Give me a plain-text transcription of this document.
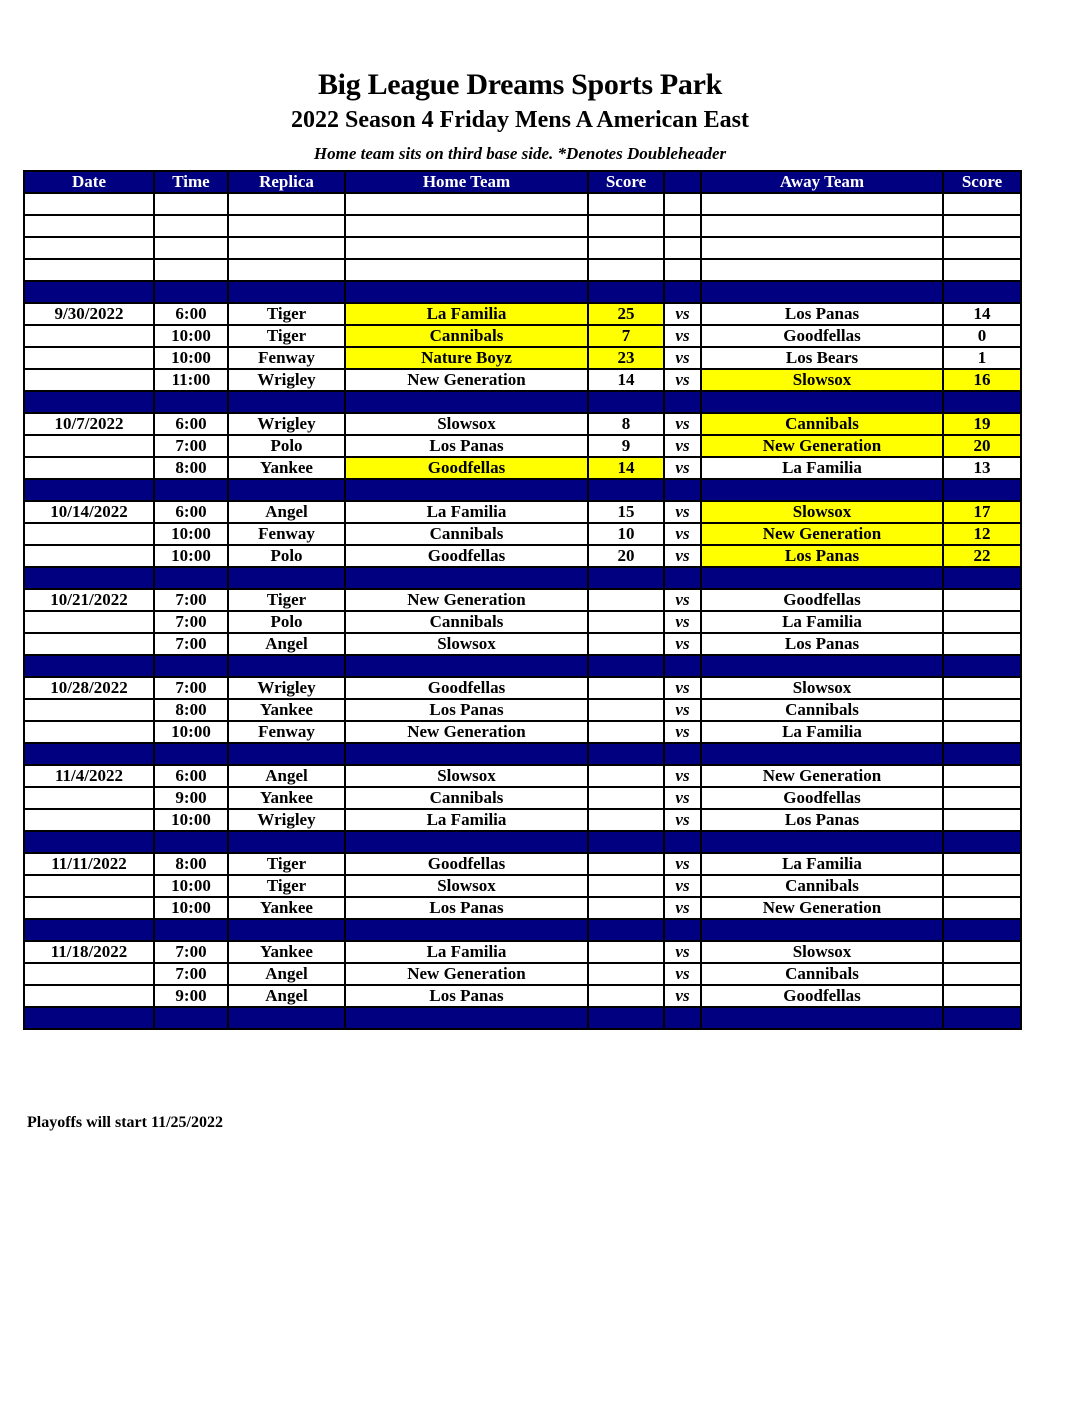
Big League Dreams Sports Park
2022 Season 4 Friday Mens A American East
Home team sits on third base side. *Denotes Doubleheader
Date	Time	Replica	Home Team	Score		Away Team	Score

9/30/2022	6:00	Tiger	La Familia	25	vs	Los Panas	14
	10:00	Tiger	Cannibals	7	vs	Goodfellas	0
	10:00	Fenway	Nature Boyz	23	vs	Los Bears	1
	11:00	Wrigley	New Generation	14	vs	Slowsox	16

10/7/2022	6:00	Wrigley	Slowsox	8	vs	Cannibals	19
	7:00	Polo	Los Panas	9	vs	New Generation	20
	8:00	Yankee	Goodfellas	14	vs	La Familia	13

10/14/2022	6:00	Angel	La Familia	15	vs	Slowsox	17
	10:00	Fenway	Cannibals	10	vs	New Generation	12
	10:00	Polo	Goodfellas	20	vs	Los Panas	22

10/21/2022	7:00	Tiger	New Generation		vs	Goodfellas	
	7:00	Polo	Cannibals		vs	La Familia	
	7:00	Angel	Slowsox		vs	Los Panas	

10/28/2022	7:00	Wrigley	Goodfellas		vs	Slowsox	
	8:00	Yankee	Los Panas		vs	Cannibals	
	10:00	Fenway	New Generation		vs	La Familia	

11/4/2022	6:00	Angel	Slowsox		vs	New Generation	
	9:00	Yankee	Cannibals		vs	Goodfellas	
	10:00	Wrigley	La Familia		vs	Los Panas	

11/11/2022	8:00	Tiger	Goodfellas		vs	La Familia	
	10:00	Tiger	Slowsox		vs	Cannibals	
	10:00	Yankee	Los Panas		vs	New Generation	

11/18/2022	7:00	Yankee	La Familia		vs	Slowsox	
	7:00	Angel	New Generation		vs	Cannibals	
	9:00	Angel	Los Panas		vs	Goodfellas	

Playoffs will start 11/25/2022
